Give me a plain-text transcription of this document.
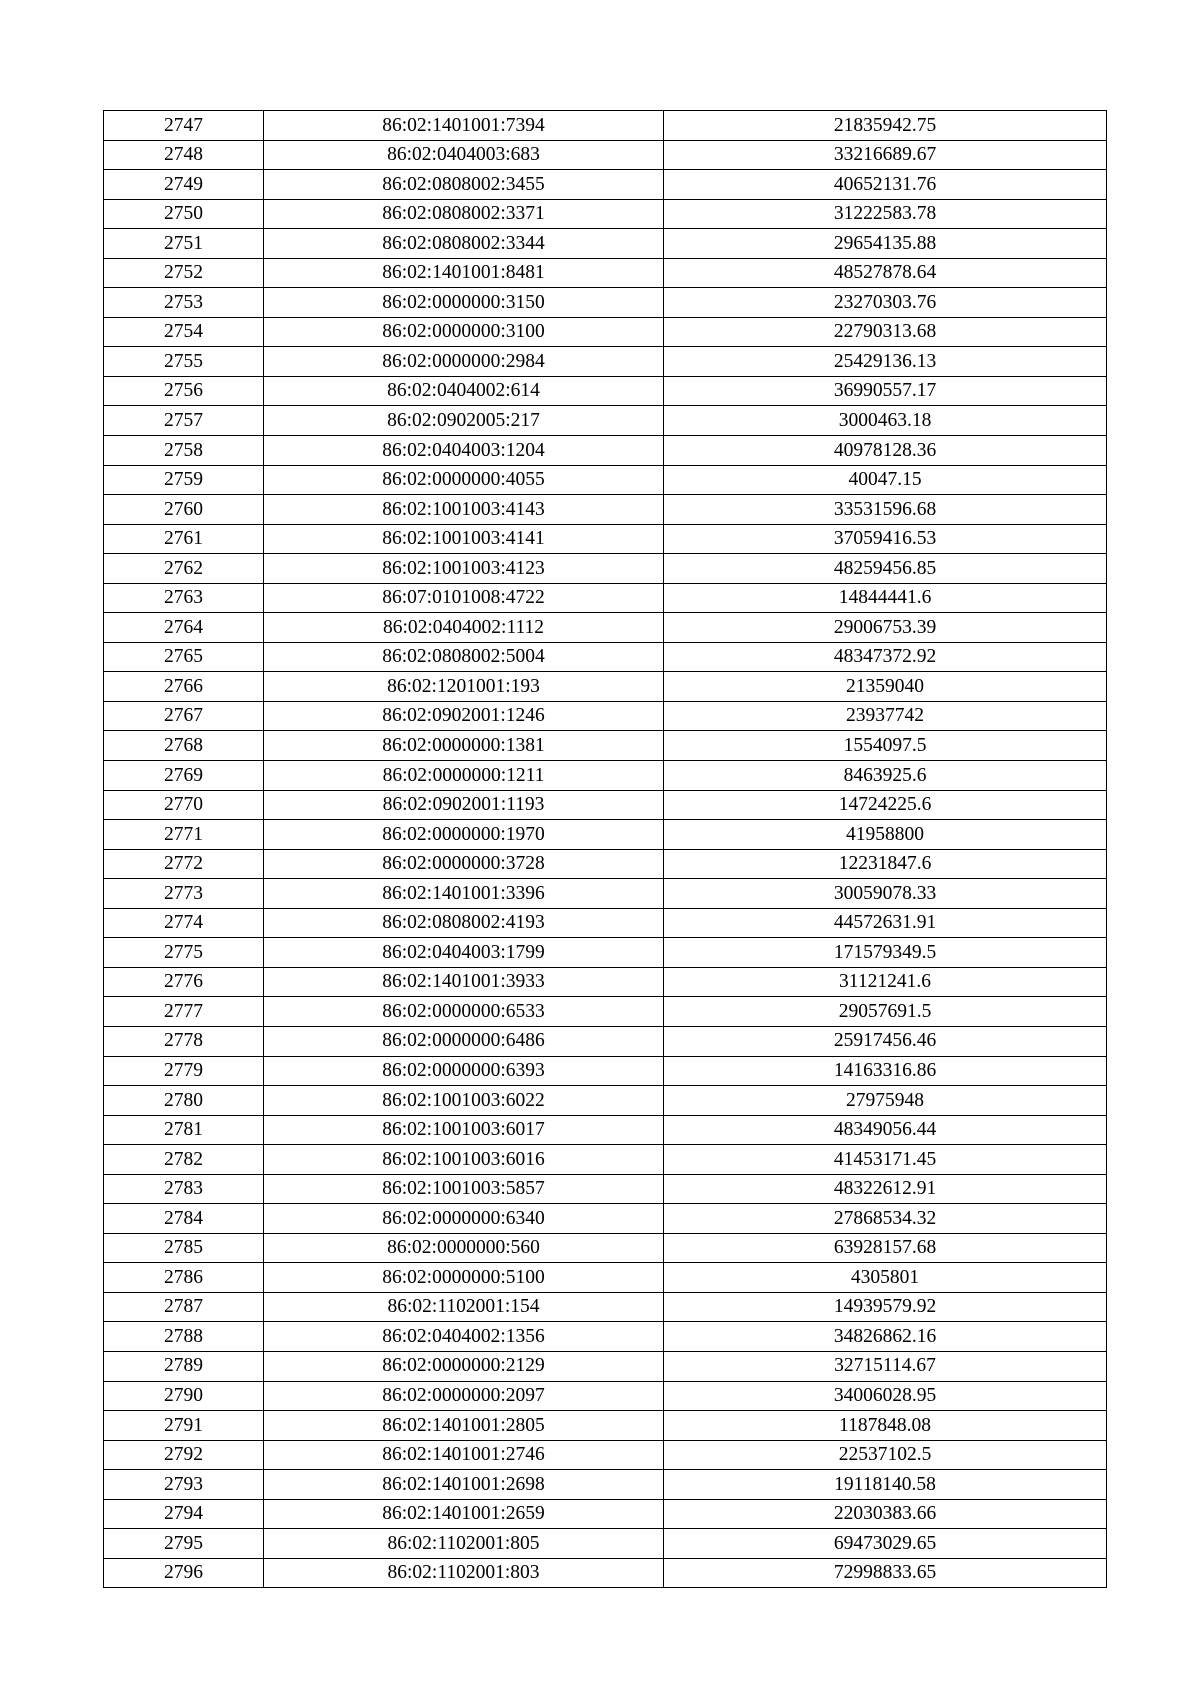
2747	86:02:1401001:7394	21835942.75
2748	86:02:0404003:683	33216689.67
2749	86:02:0808002:3455	40652131.76
2750	86:02:0808002:3371	31222583.78
2751	86:02:0808002:3344	29654135.88
2752	86:02:1401001:8481	48527878.64
2753	86:02:0000000:3150	23270303.76
2754	86:02:0000000:3100	22790313.68
2755	86:02:0000000:2984	25429136.13
2756	86:02:0404002:614	36990557.17
2757	86:02:0902005:217	3000463.18
2758	86:02:0404003:1204	40978128.36
2759	86:02:0000000:4055	40047.15
2760	86:02:1001003:4143	33531596.68
2761	86:02:1001003:4141	37059416.53
2762	86:02:1001003:4123	48259456.85
2763	86:07:0101008:4722	14844441.6
2764	86:02:0404002:1112	29006753.39
2765	86:02:0808002:5004	48347372.92
2766	86:02:1201001:193	21359040
2767	86:02:0902001:1246	23937742
2768	86:02:0000000:1381	1554097.5
2769	86:02:0000000:1211	8463925.6
2770	86:02:0902001:1193	14724225.6
2771	86:02:0000000:1970	41958800
2772	86:02:0000000:3728	12231847.6
2773	86:02:1401001:3396	30059078.33
2774	86:02:0808002:4193	44572631.91
2775	86:02:0404003:1799	171579349.5
2776	86:02:1401001:3933	31121241.6
2777	86:02:0000000:6533	29057691.5
2778	86:02:0000000:6486	25917456.46
2779	86:02:0000000:6393	14163316.86
2780	86:02:1001003:6022	27975948
2781	86:02:1001003:6017	48349056.44
2782	86:02:1001003:6016	41453171.45
2783	86:02:1001003:5857	48322612.91
2784	86:02:0000000:6340	27868534.32
2785	86:02:0000000:560	63928157.68
2786	86:02:0000000:5100	4305801
2787	86:02:1102001:154	14939579.92
2788	86:02:0404002:1356	34826862.16
2789	86:02:0000000:2129	32715114.67
2790	86:02:0000000:2097	34006028.95
2791	86:02:1401001:2805	1187848.08
2792	86:02:1401001:2746	22537102.5
2793	86:02:1401001:2698	19118140.58
2794	86:02:1401001:2659	22030383.66
2795	86:02:1102001:805	69473029.65
2796	86:02:1102001:803	72998833.65
